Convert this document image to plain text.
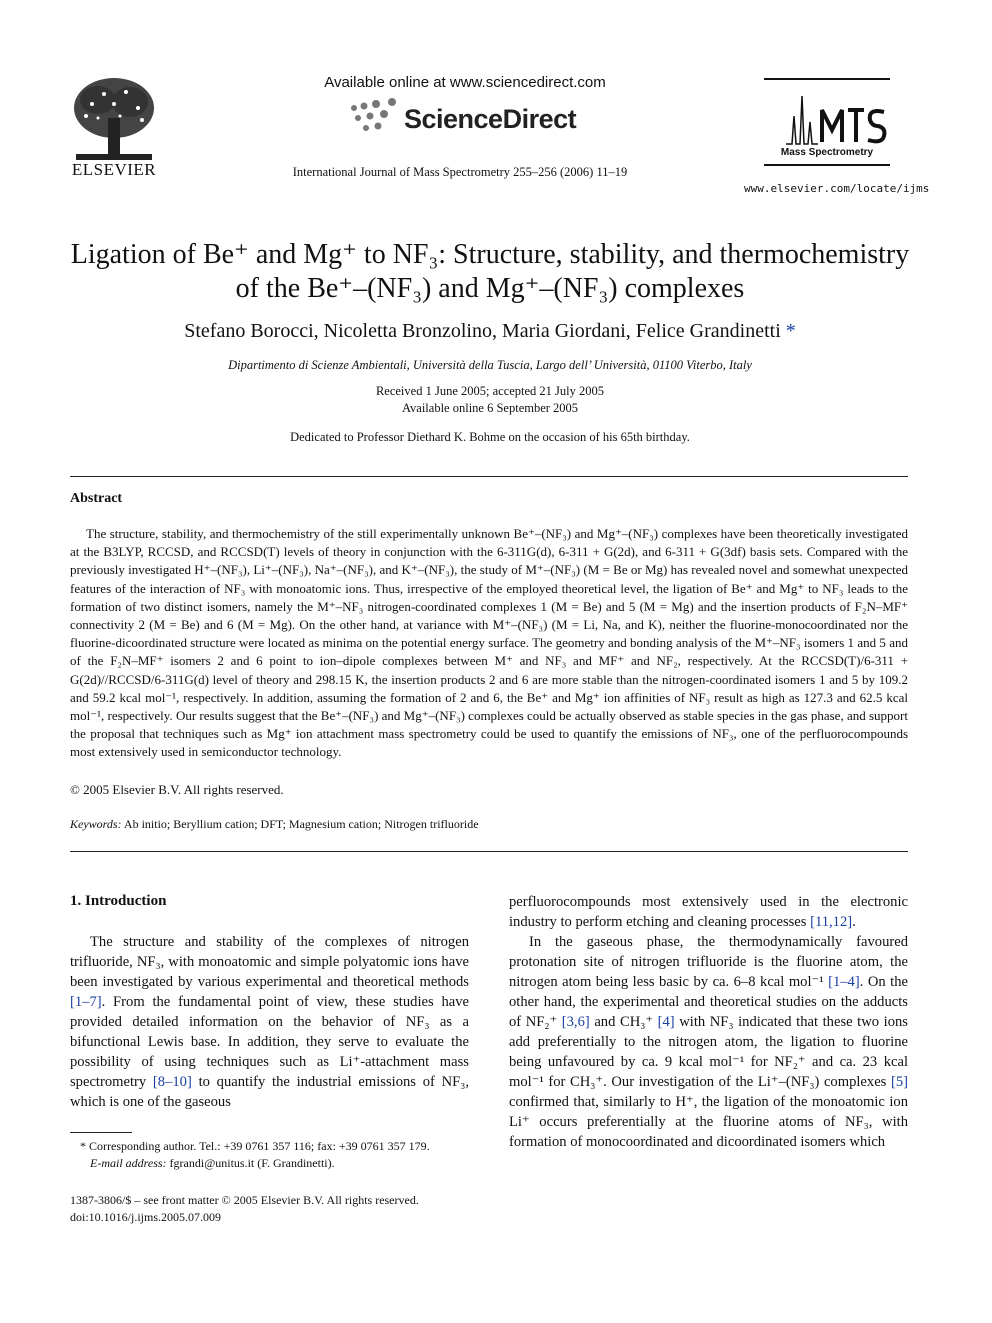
ELSEVIER
Available online at www.sciencedirect.com
ScienceDirect
International Journal of Mass Spectrometry 255–256 (2006) 11–19
Mass Spectrometry
www.elsevier.com/locate/ijms
Ligation of Be⁺ and Mg⁺ to NF₃: Structure, stability, and thermochemistry
of the Be⁺–(NF₃) and Mg⁺–(NF₃) complexes
Stefano Borocci, Nicoletta Bronzolino, Maria Giordani, Felice Grandinetti *
Dipartimento di Scienze Ambientali, Università della Tuscia, Largo dell’ Università, 01100 Viterbo, Italy
Received 1 June 2005; accepted 21 July 2005
Available online 6 September 2005
Dedicated to Professor Diethard K. Bohme on the occasion of his 65th birthday.
Abstract
The structure, stability, and thermochemistry of the still experimentally unknown Be⁺–(NF₃) and Mg⁺–(NF₃) complexes have been theoretically investigated at the B3LYP, RCCSD, and RCCSD(T) levels of theory in conjunction with the 6-311G(d), 6-311 + G(2d), and 6-311 + G(3df) basis sets. Compared with the previously investigated H⁺–(NF₃), Li⁺–(NF₃), Na⁺–(NF₃), and K⁺–(NF₃), the study of M⁺–(NF₃) (M = Be or Mg) has revealed novel and somewhat unexpected features of the interaction of NF₃ with monoatomic ions. Thus, irrespective of the employed theoretical level, the ligation of Be⁺ and Mg⁺ to NF₃ leads to the formation of two distinct isomers, namely the M⁺–NF₃ nitrogen-coordinated complexes 1 (M = Be) and 5 (M = Mg) and the insertion products of F₂N–MF⁺ connectivity 2 (M = Be) and 6 (M = Mg). On the other hand, at variance with M⁺–(NF₃) (M = Li, Na, and K), neither the fluorine-monocoordinated nor the fluorine-dicoordinated structure were located as minima on the potential energy surface. The geometry and bonding analysis of the M⁺–NF₃ isomers 1 and 5 and of the F₂N–MF⁺ isomers 2 and 6 point to ion–dipole complexes between M⁺ and NF₃ and MF⁺ and NF₂, respectively. At the RCCSD(T)/6-311 + G(2d)//RCCSD/6-311G(d) level of theory and 298.15 K, the insertion products 2 and 6 are more stable than the nitrogen-coordinated isomers 1 and 5 by 109.2 and 59.2 kcal mol⁻¹, respectively. In addition, assuming the formation of 2 and 6, the Be⁺ and Mg⁺ ion affinities of NF₃ result as high as 127.3 and 62.5 kcal mol⁻¹, respectively. Our results suggest that the Be⁺–(NF₃) and Mg⁺–(NF₃) complexes could be actually observed as stable species in the gas phase, and support the proposal that techniques such as Mg⁺ ion attachment mass spectrometry could be used to quantify the emissions of NF₃, one of the perfluorocompounds most extensively used in semiconductor technology.
© 2005 Elsevier B.V. All rights reserved.
Keywords: Ab initio; Beryllium cation; DFT; Magnesium cation; Nitrogen trifluoride
1. Introduction

The structure and stability of the complexes of nitrogen trifluoride, NF₃, with monoatomic and simple polyatomic ions have been investigated by various experimental and theoretical methods [1–7]. From the fundamental point of view, these studies have provided detailed information on the behavior of NF₃ as a bifunctional Lewis base. In addition, they serve to evaluate the possibility of using techniques such as Li⁺-attachment mass spectrometry [8–10] to quantify the industrial emissions of NF₃, which is one of the gaseous

perfluorocompounds most extensively used in the electronic industry to perform etching and cleaning processes [11,12].

In the gaseous phase, the thermodynamically favoured protonation site of nitrogen trifluoride is the fluorine atom, the nitrogen atom being less basic by ca. 6–8 kcal mol⁻¹ [1–4]. On the other hand, the experimental and theoretical studies on the adducts of NF₂⁺ [3,6] and CH₃⁺ [4] with NF₃ indicated that these two ions add preferentially to the nitrogen atom, the ligation to fluorine being unfavoured by ca. 9 kcal mol⁻¹ for NF₂⁺ and ca. 23 kcal mol⁻¹ for CH₃⁺. Our investigation of the Li⁺–(NF₃) complexes [5] confirmed that, similarly to H⁺, the ligation of the monoatomic ion Li⁺ occurs preferentially at the fluorine atoms of NF₃, with formation of monocoordinated and dicoordinated isomers which

* Corresponding author. Tel.: +39 0761 357 116; fax: +39 0761 357 179.
E-mail address: fgrandi@unitus.it (F. Grandinetti).
1387-3806/$ – see front matter © 2005 Elsevier B.V. All rights reserved.
doi:10.1016/j.ijms.2005.07.009
